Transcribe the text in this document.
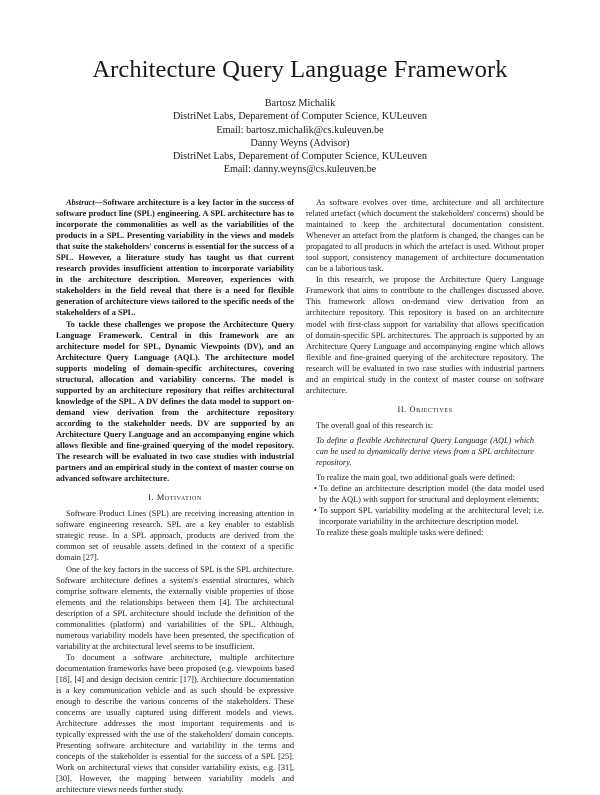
Architecture Query Language Framework
Bartosz Michalik
DistriNet Labs, Deparement of Computer Science, KULeuven
Email: bartosz.michalik@cs.kuleuven.be
Danny Weyns (Advisor)
DistriNet Labs, Deparement of Computer Science, KULeuven
Email: danny.weyns@cs.kuleuven.be

Abstract—Software architecture is a key factor in the success of software product line (SPL) engineering. A SPL architecture has to incorporate the commonalities as well as the variabilities of the products in a SPL. Presenting variability in the views and models that suite the stakeholders' concerns is essential for the success of a SPL. However, a literature study has taught us that current research provides insufficient attention to incorporate variability in the architecture description. Moreover, experiences with stakeholders in the field reveal that there is a need for flexible generation of architecture views tailored to the specific needs of the stakeholders of a SPL.

To tackle these challenges we propose the Architecture Query Language Framework. Central in this framework are an architecture model for SPL, Dynamic Viewpoints (DV), and an Architecture Query Language (AQL). The architecture model supports modeling of domain-specific architectures, covering structural, allocation and variability concerns. The model is supported by an architecture repository that reifies architectural knowledge of the SPL. A DV defines the data model to support on-demand view derivation from the architecture repository according to the stakeholder needs. DV are supported by an Architecture Query Language and an accompanying engine which allows flexible and fine-grained querying of the model repository. The research will be evaluated in two case studies with industrial partners and an empirical study in the context of master course on advanced software architecture.

I. Motivation

Software Product Lines (SPL) are receiving increasing attention in software engineering research. SPL are a key enabler to establish strategic reuse. In a SPL approach, products are derived from the common set of reusable assets defined in the context of a specific domain [27].

One of the key factors in the success of SPL is the SPL architecture. Software architecture defines a system's essential structures, which comprise software elements, the externally visible properties of those elements and the relationships between them [4]. The architectural description of a SPL architecture should include the definition of the commonalities (platform) and variabilities of the SPL. Although, numerous variability models have been presented, the specification of variability at the architectural level seems to be insufficient.

To document a software architecture, multiple architecture documentation frameworks have been proposed (e.g. viewpoints based [18], [4] and design decision centric [17]). Architecture documentation is a key communication vehicle and as such should be expressive enough to describe the various concerns of the stakeholders. These concerns are usually captured using different models and views. Architecture addresses the most important requirements and is typically expressed with the use of the stakeholders' domain concepts. Presenting software architecture and variability in the terms and concepts of the stakeholder is essential for the success of a SPL [25]. Work on architectural views that consider variability exists, e.g. [31], [30]. However, the mapping between variability models and architecture views needs further study.

As software evolves over time, architecture and all architecture related artefact (which document the stakeholders' concerns) should be maintained to keep the architectural documentation consistent. Whenever an artefact from the platform is changed, the changes can be propagated to all products in which the artefact is used. Without proper tool support, consistency management of architecture documentation can be a laborious task.

In this research, we propose the Architecture Query Language Framework that aims to contribute to the challenges discussed above. This framework allows on-demand view derivation from an architecture repository. This repository is based on an architecture model with first-class support for variability that allows specification of domain-specific SPL architectures. The approach is supported by an Architecture Query Language and accompanying engine which allows flexible and fine-grained querying of the architecture repository. The research will be evaluated in two case studies with industrial partners and an empirical study in the context of master course on software architecture.

II. Objectives

The overall goal of this research is:

To define a flexible Architectural Query Language (AQL) which can be used to dynamically derive views from a SPL architecture repository.

To realize the main goal, two additional goals were defined:

• To define an architecture description model (the data model used by the AQL) with support for structural and deployment elements;
• To support SPL variability modeling at the architectural level; i.e. incorporate variability in the architecture description model.

To realize these goals multiple tasks were defined:
